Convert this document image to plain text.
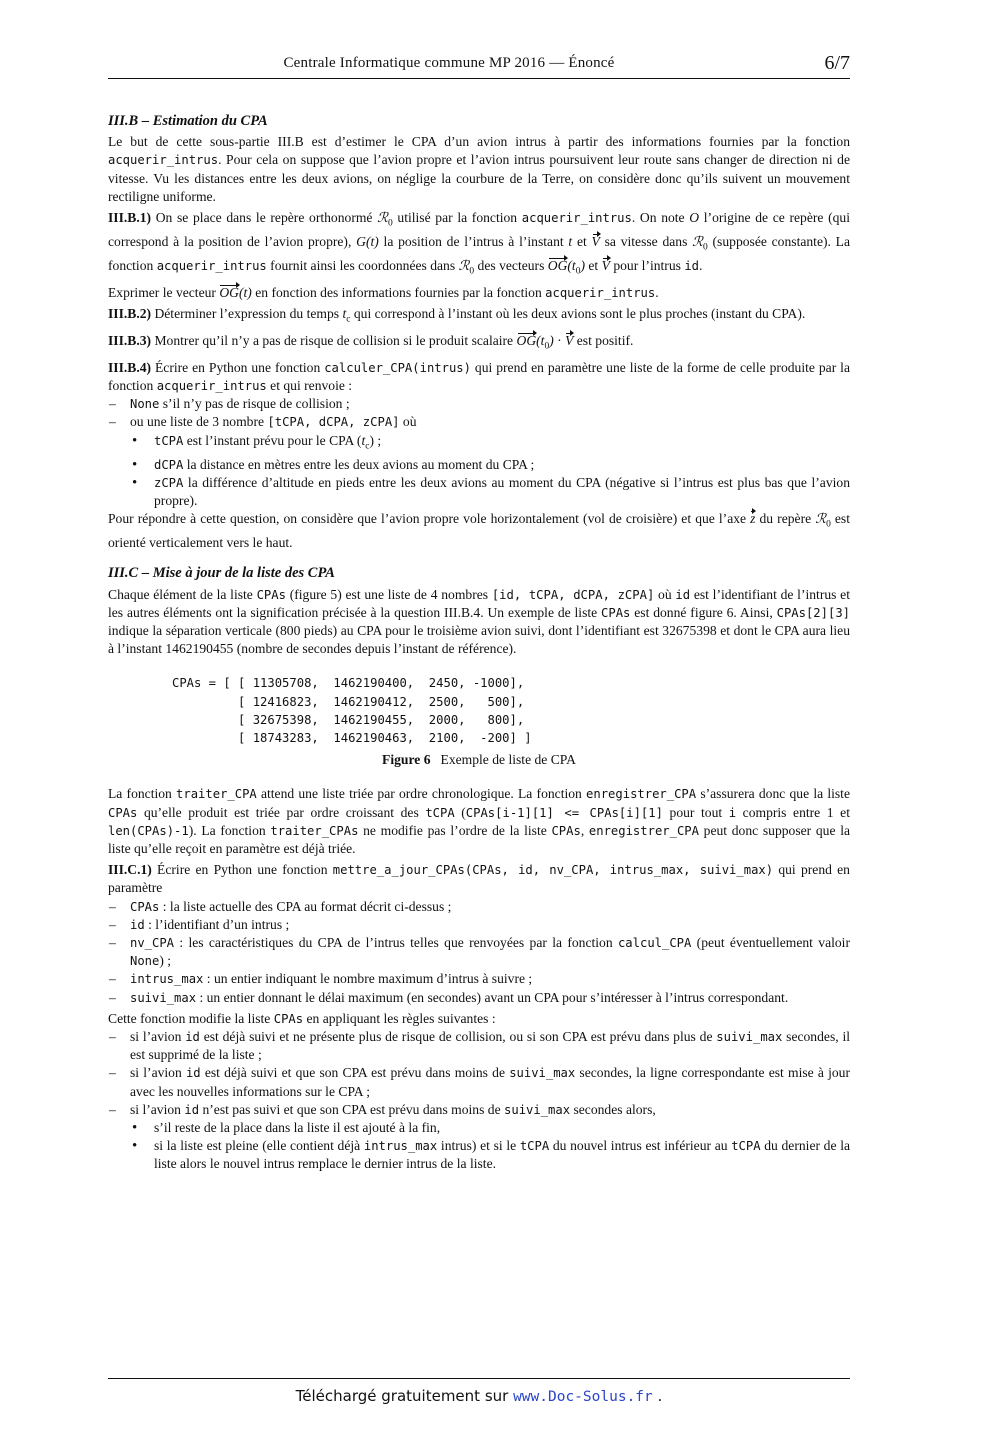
Centrale Informatique commune MP 2016 — Énoncé	6/7
III.B – Estimation du CPA

Le but de cette sous-partie III.B est d’estimer le CPA d’un avion intrus à partir des informations fournies par la fonction acquerir_intrus. Pour cela on suppose que l’avion propre et l’avion intrus poursuivent leur route sans changer de direction ni de vitesse. Vu les distances entre les deux avions, on néglige la courbure de la Terre, on considère donc qu’ils suivent un mouvement rectiligne uniforme.

III.B.1) On se place dans le repère orthonormé ℛ$_0$ utilisé par la fonction acquerir_intrus. On note O l’origine de ce repère (qui correspond à la position de l’avion propre), G(t) la position de l’intrus à l’instant t et V sa vitesse dans ℛ$_0$ (supposée constante). La fonction acquerir_intrus fournit ainsi les coordonnées dans ℛ$_0$ des vecteurs $OG(t_0)$ et V pour l’intrus id.

Exprimer le vecteur OG(t) en fonction des informations fournies par la fonction acquerir_intrus.

III.B.2) Déterminer l’expression du temps $t_c$ qui correspond à l’instant où les deux avions sont le plus proches (instant du CPA).

III.B.3) Montrer qu’il n’y a pas de risque de collision si le produit scalaire $OG(t_0) \cdot V$ est positif.

III.B.4) Écrire en Python une fonction calculer_CPA(intrus) qui prend en paramètre une liste de la forme de celle produite par la fonction acquerir_intrus et qui renvoie :

– None s’il n’y pas de risque de collision ;
– ou une liste de 3 nombre [tCPA, dCPA, zCPA] où
• tCPA est l’instant prévu pour le CPA $(t_c)$ ;
• dCPA la distance en mètres entre les deux avions au moment du CPA ;
• zCPA la différence d’altitude en pieds entre les deux avions au moment du CPA (négative si l’intrus est plus bas que l’avion propre).

Pour répondre à cette question, on considère que l’avion propre vole horizontalement (vol de croisière) et que l’axe z du repère ℛ$_0$ est orienté verticalement vers le haut.

III.C – Mise à jour de la liste des CPA

Chaque élément de la liste CPAs (figure 5) est une liste de 4 nombres [id, tCPA, dCPA, zCPA] où id est l’identifiant de l’intrus et les autres éléments ont la signification précisée à la question III.B.4. Un exemple de liste CPAs est donné figure 6. Ainsi, CPAs[2][3] indique la séparation verticale (800 pieds) au CPA pour le troisième avion suivi, dont l’identifiant est 32675398 et dont le CPA aura lieu à l’instant 1462190455 (nombre de secondes depuis l’instant de référence).

CPAs = [ [ 11305708,  1462190400,  2450, -1000],
[ 12416823,  1462190412,  2500,   500],
[ 32675398,  1462190455,  2000,   800],
[ 18743283,  1462190463,  2100,  -200] ]
Figure 6 Exemple de liste de CPA

La fonction traiter_CPA attend une liste triée par ordre chronologique. La fonction enregistrer_CPA s’assurera donc que la liste CPAs qu’elle produit est triée par ordre croissant des tCPA (CPAs[i-1][1] <= CPAs[i][1] pour tout i compris entre 1 et len(CPAs)-1). La fonction traiter_CPAs ne modifie pas l’ordre de la liste CPAs, enregistrer_CPA peut donc supposer que la liste qu’elle reçoit en paramètre est déjà triée.

III.C.1) Écrire en Python une fonction mettre_a_jour_CPAs(CPAs, id, nv_CPA, intrus_max, suivi_max) qui prend en paramètre

– CPAs : la liste actuelle des CPA au format décrit ci-dessus ;
– id : l’identifiant d’un intrus ;
– nv_CPA : les caractéristiques du CPA de l’intrus telles que renvoyées par la fonction calcul_CPA (peut éventuellement valoir None) ;
– intrus_max : un entier indiquant le nombre maximum d’intrus à suivre ;
– suivi_max : un entier donnant le délai maximum (en secondes) avant un CPA pour s’intéresser à l’intrus correspondant.

Cette fonction modifie la liste CPAs en appliquant les règles suivantes :

– si l’avion id est déjà suivi et ne présente plus de risque de collision, ou si son CPA est prévu dans plus de suivi_max secondes, il est supprimé de la liste ;
– si l’avion id est déjà suivi et que son CPA est prévu dans moins de suivi_max secondes, la ligne correspondante est mise à jour avec les nouvelles informations sur le CPA ;
– si l’avion id n’est pas suivi et que son CPA est prévu dans moins de suivi_max secondes alors,
• s’il reste de la place dans la liste il est ajouté à la fin,
• si la liste est pleine (elle contient déjà intrus_max intrus) et si le tCPA du nouvel intrus est inférieur au tCPA du dernier de la liste alors le nouvel intrus remplace le dernier intrus de la liste.
Téléchargé gratuitement sur www.Doc-Solus.fr .
